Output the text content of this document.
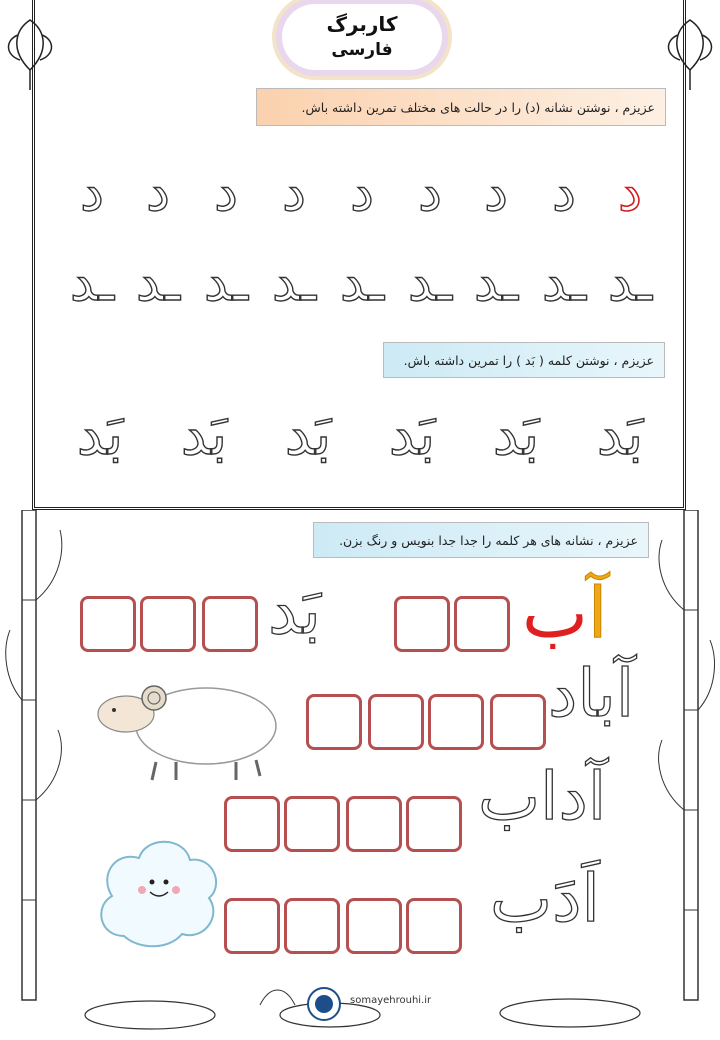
کاربرگ
فارسی
عزیزم ، نوشتن نشانه (د) را در حالت های مختلف تمرین داشته باش.
د
د
د
د
د
د
د
د
د
ـد
ـد
ـد
ـد
ـد
ـد
ـد
ـد
ـد
عزیزم ، نوشتن کلمه ( بَد ) را تمرین داشته باش.
بَد
بَد
بَد
بَد
بَد
بَد
عزیزم ، نشانه های هر کلمه را جدا جدا بنویس و رنگ بزن.
آب
بَد
آباد
آداب
اَدَب
somayehrouhi.ir
